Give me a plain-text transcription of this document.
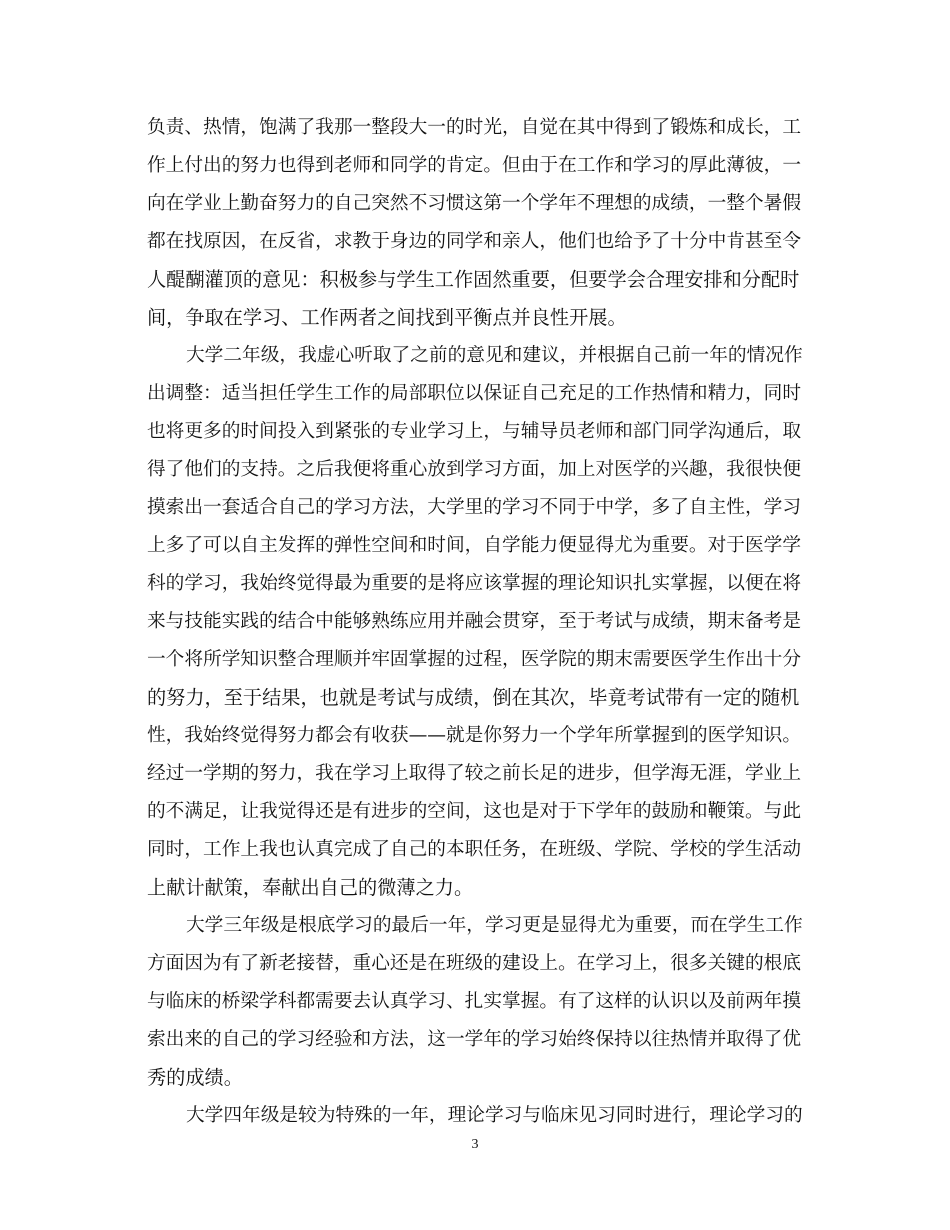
负责、热情，饱满了我那一整段大一的时光，自觉在其中得到了锻炼和成长，工
作上付出的努力也得到老师和同学的肯定。但由于在工作和学习的厚此薄彼，一
向在学业上勤奋努力的自己突然不习惯这第一个学年不理想的成绩，一整个暑假
都在找原因，在反省，求教于身边的同学和亲人，他们也给予了十分中肯甚至令
人醍醐灌顶的意见：积极参与学生工作固然重要，但要学会合理安排和分配时
间，争取在学习、工作两者之间找到平衡点并良性开展。
大学二年级，我虚心听取了之前的意见和建议，并根据自己前一年的情况作
出调整：适当担任学生工作的局部职位以保证自己充足的工作热情和精力，同时
也将更多的时间投入到紧张的专业学习上，与辅导员老师和部门同学沟通后，取
得了他们的支持。之后我便将重心放到学习方面，加上对医学的兴趣，我很快便
摸索出一套适合自己的学习方法，大学里的学习不同于中学，多了自主性，学习
上多了可以自主发挥的弹性空间和时间，自学能力便显得尤为重要。对于医学学
科的学习，我始终觉得最为重要的是将应该掌握的理论知识扎实掌握，以便在将
来与技能实践的结合中能够熟练应用并融会贯穿，至于考试与成绩，期末备考是
一个将所学知识整合理顺并牢固掌握的过程，医学院的期末需要医学生作出十分
的努力，至于结果，也就是考试与成绩，倒在其次，毕竟考试带有一定的随机
性，我始终觉得努力都会有收获——就是你努力一个学年所掌握到的医学知识。
经过一学期的努力，我在学习上取得了较之前长足的进步，但学海无涯，学业上
的不满足，让我觉得还是有进步的空间，这也是对于下学年的鼓励和鞭策。与此
同时，工作上我也认真完成了自己的本职任务，在班级、学院、学校的学生活动
上献计献策，奉献出自己的微薄之力。
大学三年级是根底学习的最后一年，学习更是显得尤为重要，而在学生工作
方面因为有了新老接替，重心还是在班级的建设上。在学习上，很多关键的根底
与临床的桥梁学科都需要去认真学习、扎实掌握。有了这样的认识以及前两年摸
索出来的自己的学习经验和方法，这一学年的学习始终保持以往热情并取得了优
秀的成绩。
大学四年级是较为特殊的一年，理论学习与临床见习同时进行，理论学习的
3
